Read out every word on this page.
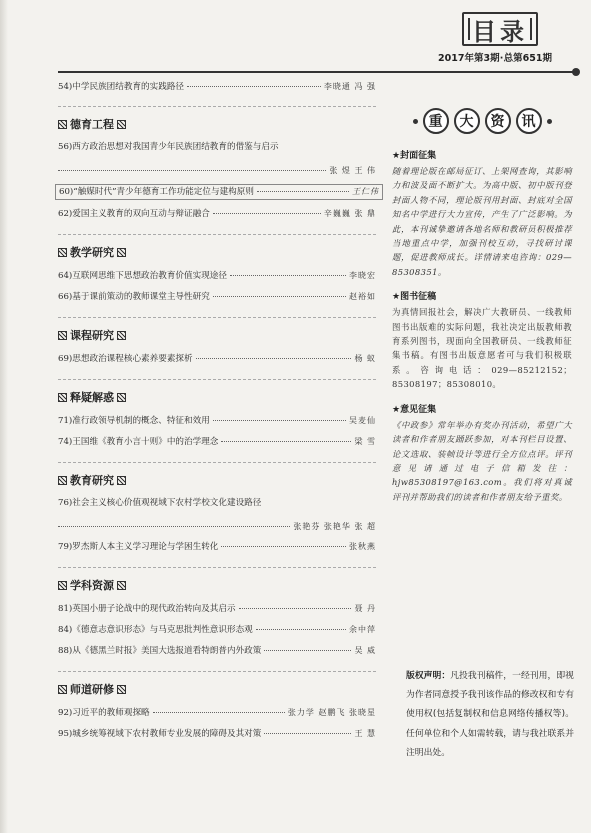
目录
2017年第3期·总第651期
54)中学民族团结教育的实践路径	李晓通 冯 强
德育工程
56)西方政治思想对我国青少年民族团结教育的借鉴与启示
张 煜 王 伟
60)“触媒时代”青少年德育工作功能定位与建构原则	王仁伟
62)爱国主义教育的双向互动与辩证融合	辛巍巍 张 鼎
教学研究
64)互联网思维下思想政治教育价值实现途径	李晓宏
66)基于课前策动的教师课堂主导性研究	赵裕如
课程研究
69)思想政治课程核心素养要素探析	杨 蚁
释疑解惑
71)准行政领导机制的概念、特征和效用	吴麦仙
74)王国维《教育小言十则》中的治学理念	梁 雪
教育研究
76)社会主义核心价值观视域下农村学校文化建设路径
张艳芬 张艳华 张 超
79)罗杰斯人本主义学习理论与学困生转化	张秋燕
学科资源
81)英国小册子论战中的现代政治转向及其启示	聂 丹
84)《德意志意识形态》与马克思批判性意识形态观	余中萍
88)从《德黑兰时报》美国大选报道看特朗普内外政策	吴 威
师道研修
92)习近平的教师观探略	张力学 赵鹏飞 张晓星
95)城乡统筹视域下农村教师专业发展的障碍及其对策	王 慧
重	大	资	讯
★封面征集
随着理论版在邮局征订、上架网查询，其影响力和波及面不断扩大。为高中版、初中版刊登封面人物不同，理论版刊用封面、封底对全国知名中学进行大力宣传，产生了广泛影响。为此，本刊诚挚邀请各地名师和教研员积极推荐当地重点中学，加强刊校互动，寻找研讨课题，促进教师成长。详情请来电咨询：029—85308351。
★图书征稿
为真情回报社会，解决广大教研员、一线教师图书出版难的实际问题，我社决定出版教师教育系列图书，现面向全国教研员、一线教师征集书稿。有图书出版意愿者可与我们积极联系。咨询电话：029—85212152；85308197；85308010。
★意见征集
《中政参》常年举办有奖办刊活动，希望广大读者和作者朋友踊跃参加，对本刊栏目设置、论文选取、装帧设计等进行全方位点评。评刊意见请通过电子信箱发往：hjw85308197@163.com。我们将对真诚评刊并帮助我们的读者和作者朋友给予重奖。
版权声明：凡投我刊稿件，一经刊用，即视为作者同意授予我刊该作品的修改权和专有使用权(包括复制权和信息网络传播权等)。任何单位和个人如需转载，请与我社联系并注明出处。
